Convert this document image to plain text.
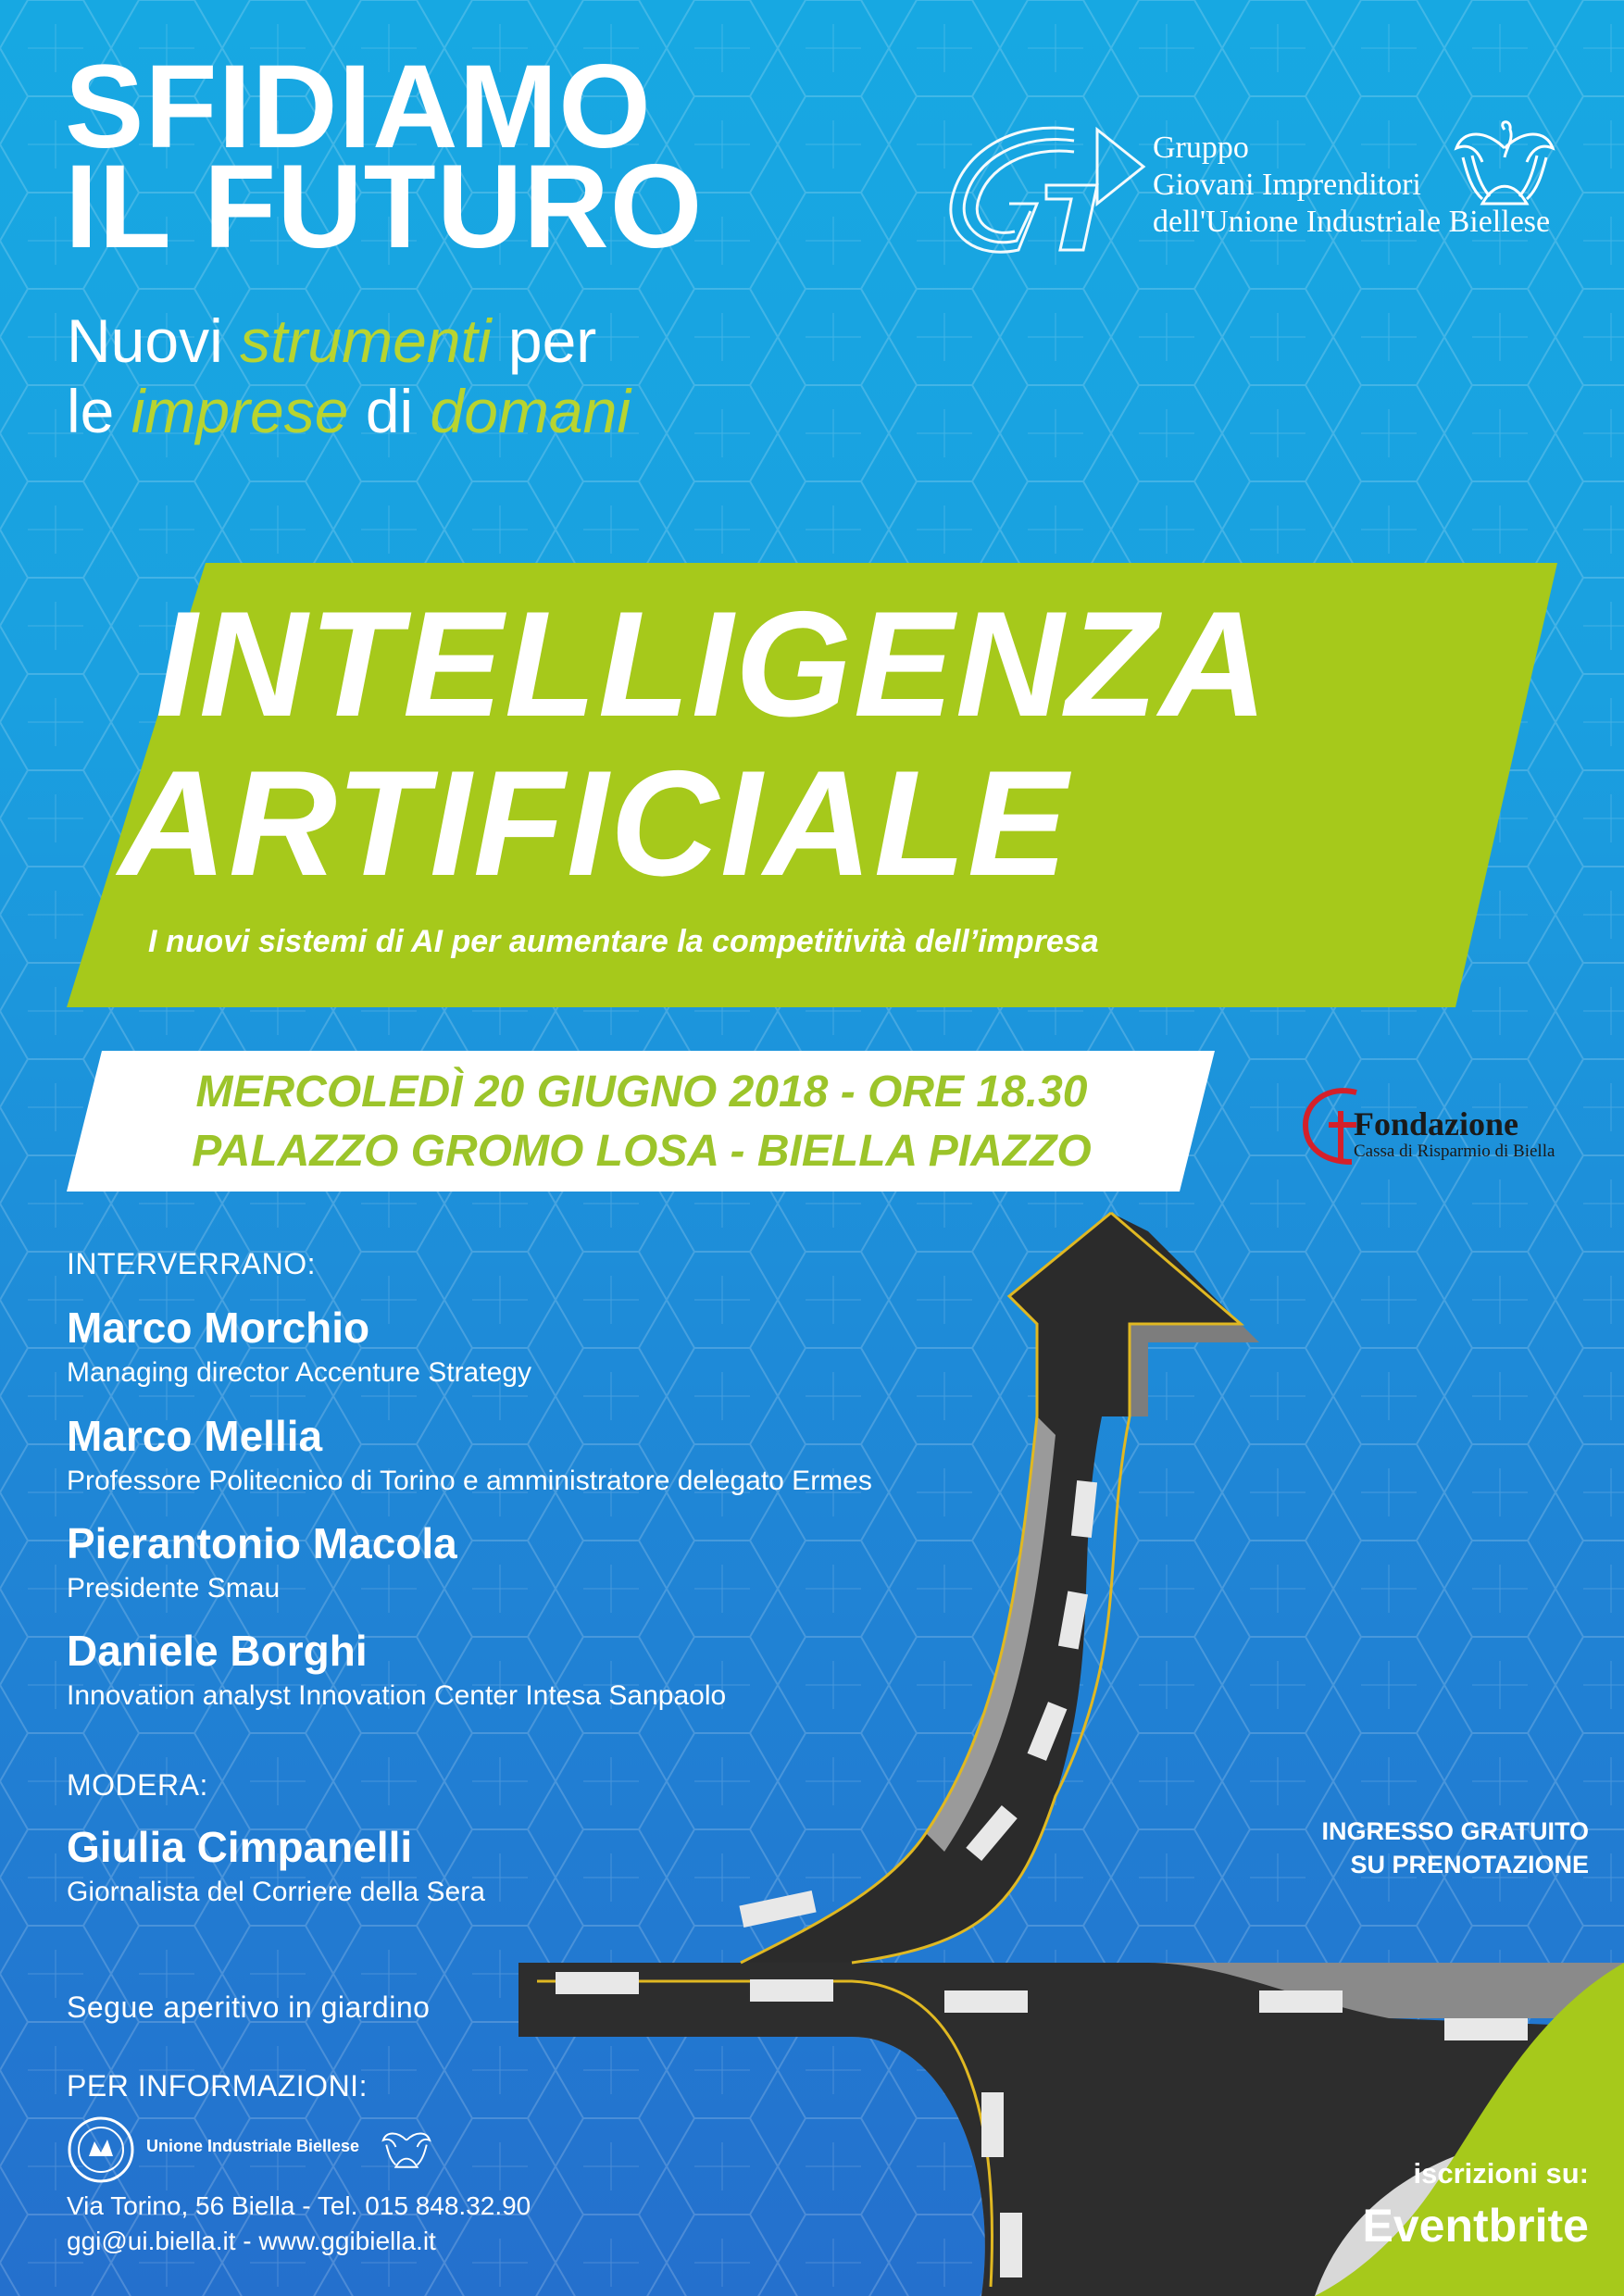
SFIDIAMO
IL FUTURO
Nuovi strumenti per
le imprese di domani
Gruppo
Giovani Imprenditori
dell'Unione Industriale Biellese
INTELLIGENZA
ARTIFICIALE
I nuovi sistemi di AI per aumentare la competitività dell’impresa
MERCOLEDÌ 20 GIUGNO 2018 - ORE 18.30
PALAZZO GROMO LOSA - BIELLA PIAZZO
Fondazione
Cassa di Risparmio di Biella
INTERVERRANO:
Marco Morchio
Managing director Accenture Strategy
Marco Mellia
Professore Politecnico di Torino e amministratore delegato Ermes
Pierantonio Macola
Presidente Smau
Daniele Borghi
Innovation analyst Innovation Center Intesa Sanpaolo
MODERA:
Giulia Cimpanelli
Giornalista del Corriere della Sera
Segue aperitivo in giardino
PER INFORMAZIONI:
Unione Industriale Biellese
Via Torino, 56 Biella - Tel. 015 848.32.90
ggi@ui.biella.it - www.ggibiella.it
INGRESSO GRATUITO
SU PRENOTAZIONE
iscrizioni su:
Eventbrite
